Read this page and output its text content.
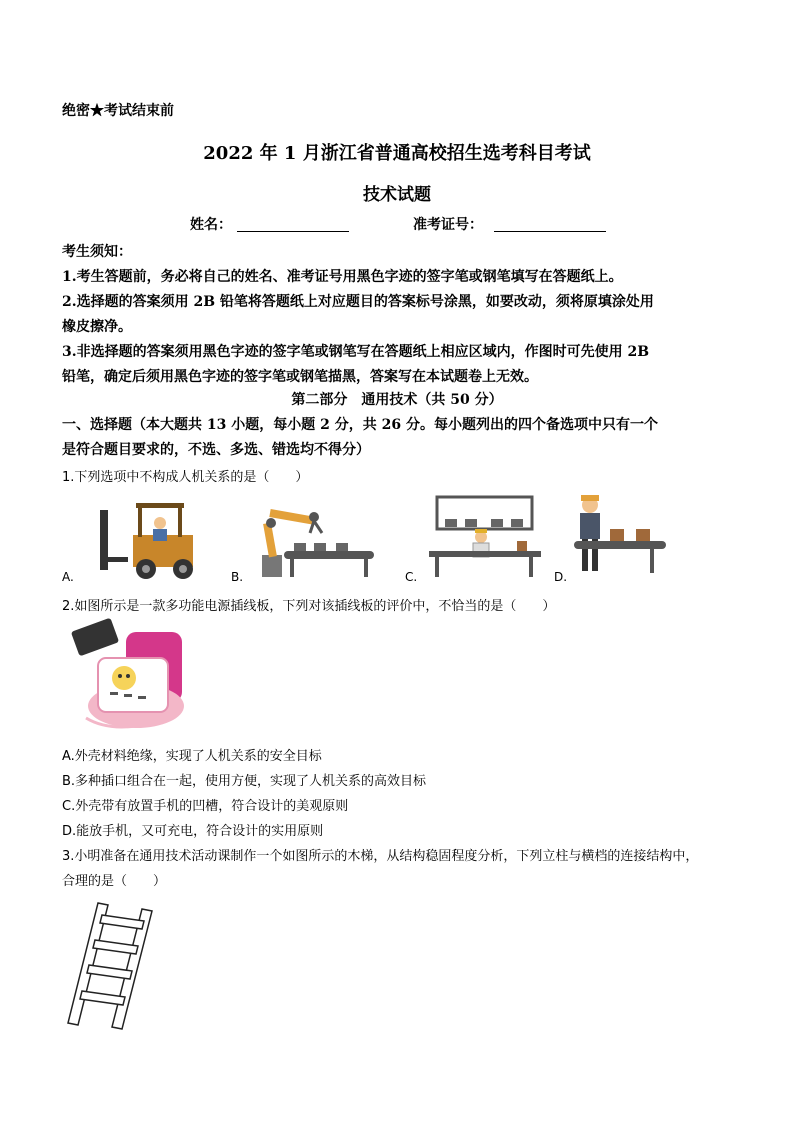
绝密★考试结束前
2022 年 1 月浙江省普通高校招生选考科目考试
技术试题
姓名：	准考证号：
考生须知：
1.考生答题前，务必将自己的姓名、准考证号用黑色字迹的签字笔或钢笔填写在答题纸上。
2.选择题的答案须用 2B 铅笔将答题纸上对应题目的答案标号涂黑，如要改动，须将原填涂处用
橡皮擦净。
3.非选择题的答案须用黑色字迹的签字笔或钢笔写在答题纸上相应区域内，作图时可先使用 2B
铅笔，确定后须用黑色字迹的签字笔或钢笔描黑，答案写在本试题卷上无效。
第二部分　通用技术（共 50 分）
一、选择题（本大题共 13 小题，每小题 2 分，共 26 分。每小题列出的四个备选项中只有一个
是符合题目要求的，不选、多选、错选均不得分）
1.下列选项中不构成人机关系的是（　　）
A.	B.	C.	D.
2.如图所示是一款多功能电源插线板，下列对该插线板的评价中，不恰当的是（　　）
A.外壳材料绝缘，实现了人机关系的安全目标
B.多种插口组合在一起，使用方便，实现了人机关系的高效目标
C.外壳带有放置手机的凹槽，符合设计的美观原则
D.能放手机，又可充电，符合设计的实用原则
3.小明准备在通用技术活动课制作一个如图所示的木梯，从结构稳固程度分析，下列立柱与横档的连接结构中，
合理的是（　　）
